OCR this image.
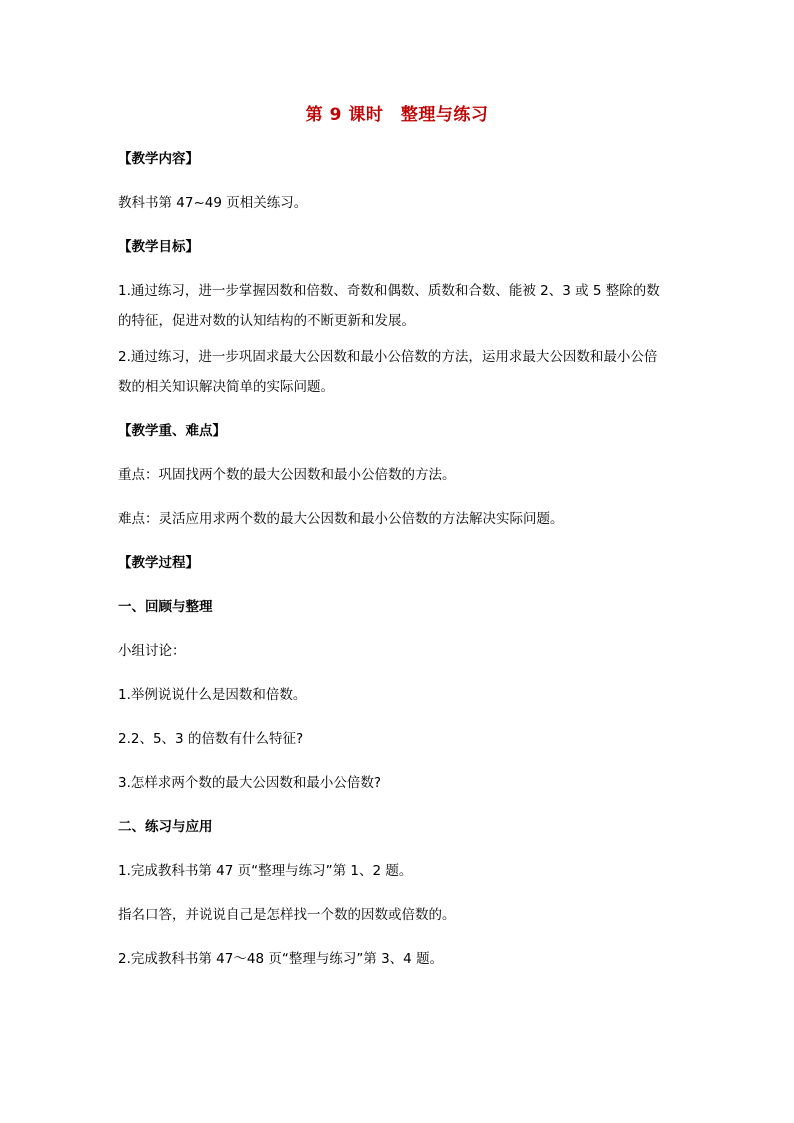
第 9 课时　整理与练习

【教学内容】

教科书第 47~49 页相关练习。

【教学目标】

1.通过练习，进一步掌握因数和倍数、奇数和偶数、质数和合数、能被 2、3 或 5 整除的数

的特征，促进对数的认知结构的不断更新和发展。

2.通过练习，进一步巩固求最大公因数和最小公倍数的方法，运用求最大公因数和最小公倍

数的相关知识解决简单的实际问题。

【教学重、难点】

重点：巩固找两个数的最大公因数和最小公倍数的方法。

难点：灵活应用求两个数的最大公因数和最小公倍数的方法解决实际问题。

【教学过程】

一、回顾与整理

小组讨论：

1.举例说说什么是因数和倍数。

2.2、5、3 的倍数有什么特征?

3.怎样求两个数的最大公因数和最小公倍数?

二、练习与应用

1.完成教科书第 47 页“整理与练习”第 1、2 题。

指名口答，并说说自己是怎样找一个数的因数或倍数的。

2.完成教科书第 47～48 页“整理与练习”第 3、4 题。
